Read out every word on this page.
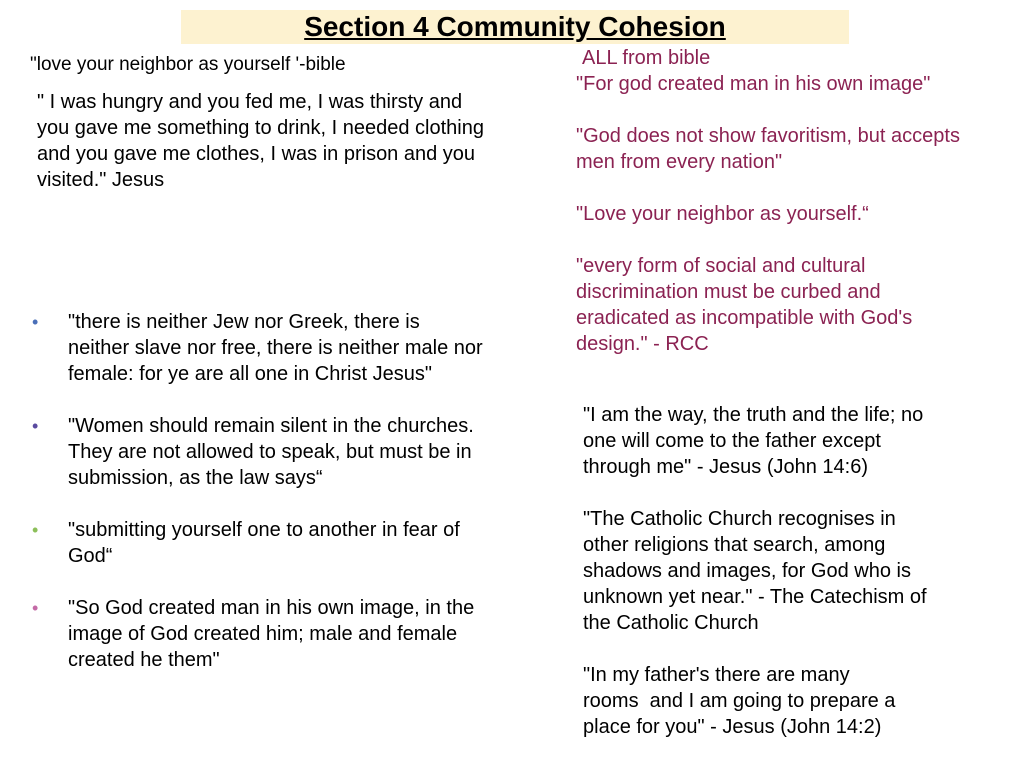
Section 4 Community Cohesion

"love your neighbor as yourself '-bible

" I was hungry and you fed me, I was thirsty and
you gave me something to drink, I needed clothing
and you gave me clothes, I was in prison and you
visited." Jesus

• "there is neither Jew nor Greek, there is
neither slave nor free, there is neither male nor
female: for ye are all one in Christ Jesus"

• "Women should remain silent in the churches.
They are not allowed to speak, but must be in
submission, as the law says“

• "submitting yourself one to another in fear of
God“

• "So God created man in his own image, in the
image of God created him; male and female
created he them"

ALL from bible

"For god created man in his own image"

"God does not show favoritism, but accepts
men from every nation"

"Love your neighbor as yourself.“

"every form of social and cultural
discrimination must be curbed and
eradicated as incompatible with God's
design." - RCC

"I am the way, the truth and the life; no
one will come to the father except
through me" - Jesus (John 14:6)

"The Catholic Church recognises in
other religions that search, among
shadows and images, for God who is
unknown yet near." - The Catechism of
the Catholic Church

"In my father's there are many
rooms  and I am going to prepare a
place for you" - Jesus (John 14:2)
